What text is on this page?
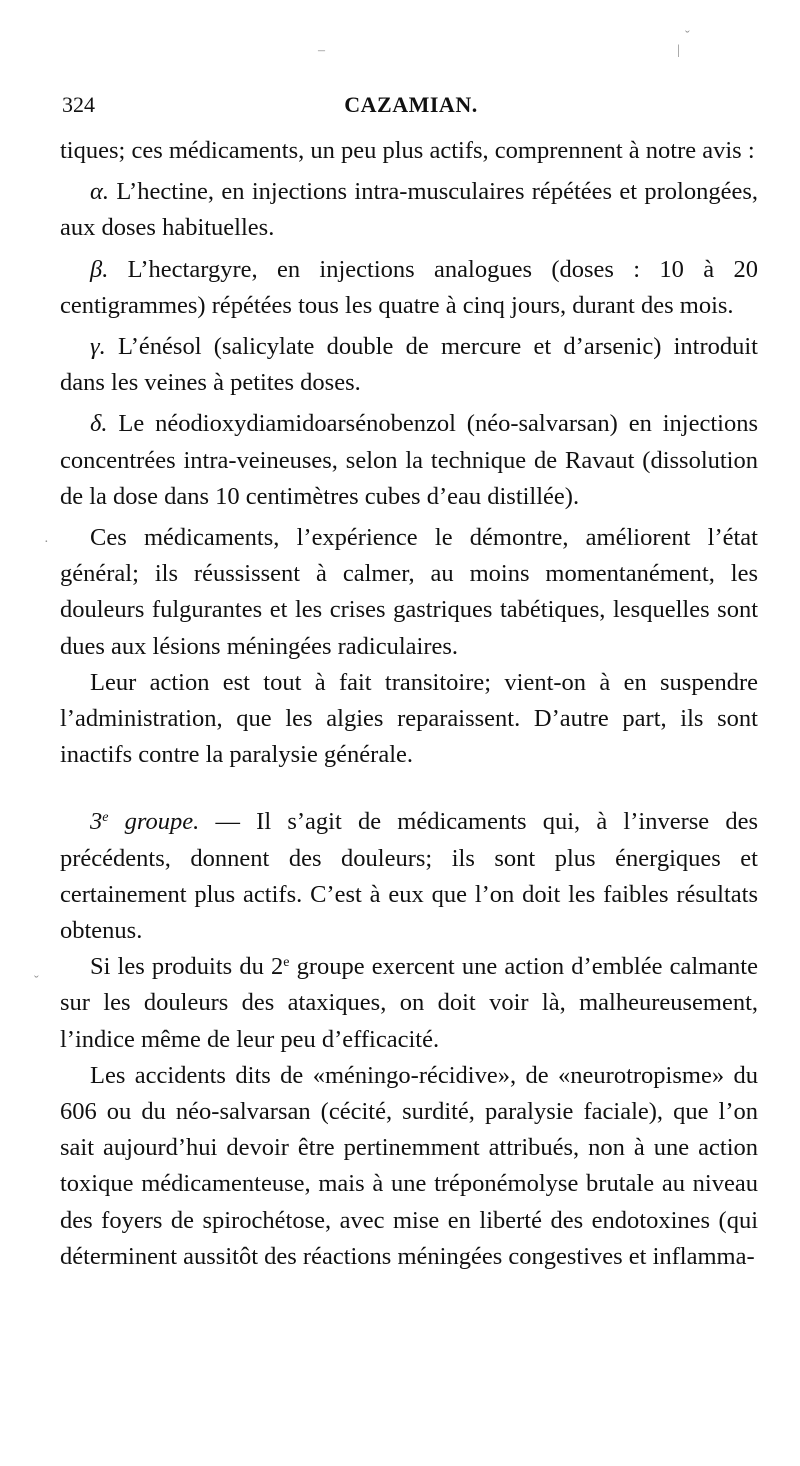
–
ˇ
|
·
ˇ
324	CAZAMIAN.

tiques; ces médicaments, un peu plus actifs, comprennent à notre avis :

α. L’hectine, en injections intra-musculaires répétées et prolongées, aux doses habituelles.

β. L’hectargyre, en injections analogues (doses : 10 à 20 centigrammes) répétées tous les quatre à cinq jours, durant des mois.

γ. L’énésol (salicylate double de mercure et d’arsenic) introduit dans les veines à petites doses.

δ. Le néodioxydiamidoarsénobenzol (néo-salvarsan) en injections concentrées intra-veineuses, selon la technique de Ravaut (dissolution de la dose dans 10 centimètres cubes d’eau distillée).

Ces médicaments, l’expérience le démontre, améliorent l’état général; ils réussissent à calmer, au moins momentanément, les douleurs fulgurantes et les crises gastriques tabétiques, lesquelles sont dues aux lésions méningées radiculaires.

Leur action est tout à fait transitoire; vient-on à en suspendre l’administration, que les algies reparaissent. D’autre part, ils sont inactifs contre la paralysie générale.

3e groupe. — Il s’agit de médicaments qui, à l’inverse des précédents, donnent des douleurs; ils sont plus énergiques et certainement plus actifs. C’est à eux que l’on doit les faibles résultats obtenus.

Si les produits du 2e groupe exercent une action d’emblée calmante sur les douleurs des ataxiques, on doit voir là, malheureusement, l’indice même de leur peu d’efficacité.

Les accidents dits de «méningo-récidive», de «neurotropisme» du 606 ou du néo-salvarsan (cécité, surdité, paralysie faciale), que l’on sait aujourd’hui devoir être pertinemment attribués, non à une action toxique médicamenteuse, mais à une tréponémolyse brutale au niveau des foyers de spirochétose, avec mise en liberté des endotoxines (qui déterminent aussitôt des réactions méningées congestives et inflamma-
